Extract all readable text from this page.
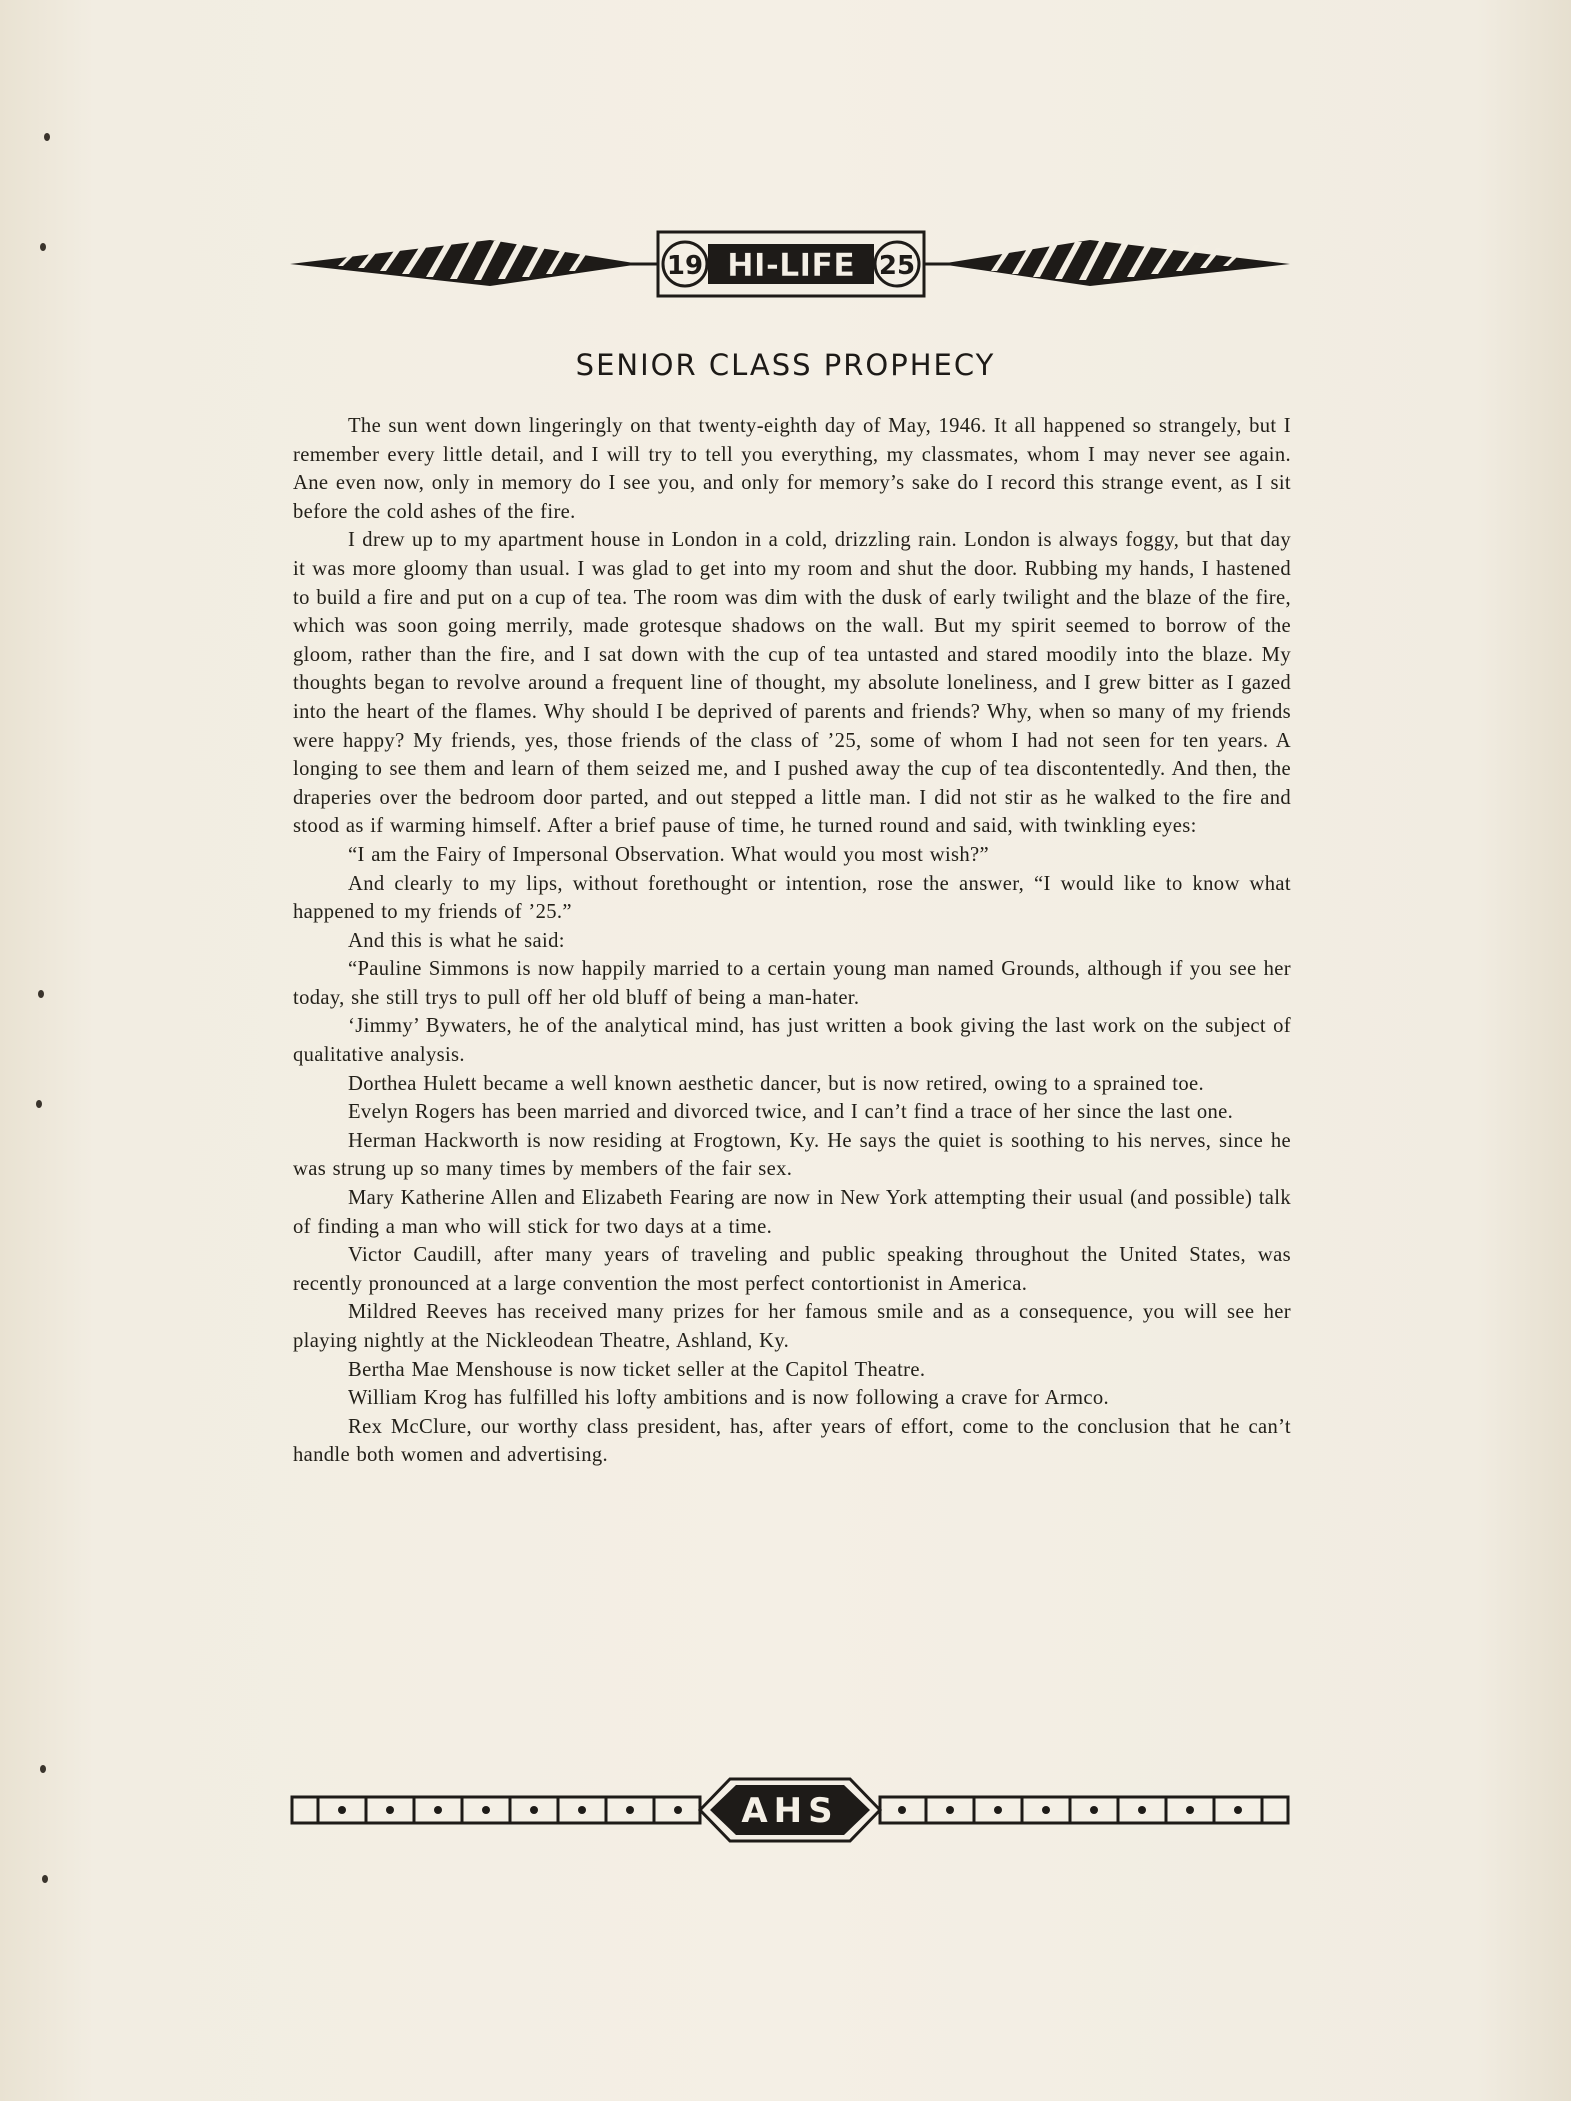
19 HI-LIFE 25
SENIOR CLASS PROPHECY

The sun went down lingeringly on that twenty-eighth day of May, 1946. It all happened so strangely, but I remember every little detail, and I will try to tell you everything, my classmates, whom I may never see again. Ane even now, only in memory do I see you, and only for memory’s sake do I record this strange event, as I sit before the cold ashes of the fire.

I drew up to my apartment house in London in a cold, drizzling rain. London is always foggy, but that day it was more gloomy than usual. I was glad to get into my room and shut the door. Rubbing my hands, I hastened to build a fire and put on a cup of tea. The room was dim with the dusk of early twilight and the blaze of the fire, which was soon going merrily, made grotesque shadows on the wall. But my spirit seemed to borrow of the gloom, rather than the fire, and I sat down with the cup of tea untasted and stared moodily into the blaze. My thoughts began to revolve around a frequent line of thought, my absolute loneliness, and I grew bitter as I gazed into the heart of the flames. Why should I be deprived of parents and friends? Why, when so many of my friends were happy? My friends, yes, those friends of the class of ’25, some of whom I had not seen for ten years. A longing to see them and learn of them seized me, and I pushed away the cup of tea discontentedly. And then, the draperies over the bedroom door parted, and out stepped a little man. I did not stir as he walked to the fire and stood as if warming himself. After a brief pause of time, he turned round and said, with twinkling eyes:

“I am the Fairy of Impersonal Observation. What would you most wish?”

And clearly to my lips, without forethought or intention, rose the answer, “I would like to know what happened to my friends of ’25.”

And this is what he said:

“Pauline Simmons is now happily married to a certain young man named Grounds, although if you see her today, she still trys to pull off her old bluff of being a man-hater.

‘Jimmy’ Bywaters, he of the analytical mind, has just written a book giving the last work on the subject of qualitative analysis.

Dorthea Hulett became a well known aesthetic dancer, but is now retired, owing to a sprained toe.

Evelyn Rogers has been married and divorced twice, and I can’t find a trace of her since the last one.

Herman Hackworth is now residing at Frogtown, Ky. He says the quiet is soothing to his nerves, since he was strung up so many times by members of the fair sex.

Mary Katherine Allen and Elizabeth Fearing are now in New York attempting their usual (and possible) talk of finding a man who will stick for two days at a time.

Victor Caudill, after many years of traveling and public speaking throughout the United States, was recently pronounced at a large convention the most perfect contortionist in America.

Mildred Reeves has received many prizes for her famous smile and as a consequence, you will see her playing nightly at the Nickleodean Theatre, Ashland, Ky.

Bertha Mae Menshouse is now ticket seller at the Capitol Theatre.

William Krog has fulfilled his lofty ambitions and is now following a crave for Armco.

Rex McClure, our worthy class president, has, after years of effort, come to the conclusion that he can’t handle both women and advertising.

AHS
